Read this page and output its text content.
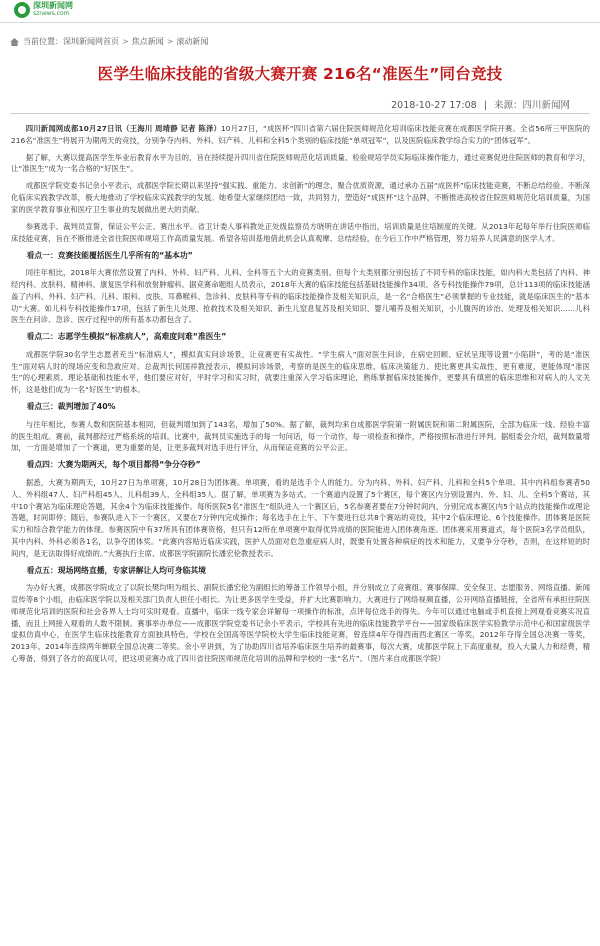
深圳新闻网
sznews.com
当前位置： 深圳新闻网首页 > 焦点新闻 > 滚动新闻
医学生临床技能的省级大赛开赛 216名“准医生”同台竞技
2018-10-27 17:08 | 来源：四川新闻网

四川新闻网成都10月27日讯（王海川 周靖静 记者 陈泽）10月27日，“成医杯”四川省第六届住院医师规范化培训临床技能竞赛在成都医学院开赛。全省56所三甲医院的216名“准医生”将展开为期两天的竞技，分别争夺内科、外科、妇产科、儿科和全科5个类别的临床技能“单项冠军”，以及医院临床教学综合实力的“团体冠军”。

据了解，大赛以提高医学生毕业后教育水平为目的，旨在持续提升四川省住院医师规范化培训质量、检验规培学员实际临床操作能力，通过竞赛促进住院医师的教育和学习，让“准医生”成为一名合格的“好医生”。

成都医学院党委书记余小平表示，成都医学院长期以来坚持“强实践、重能力、求创新”的理念，聚合优质资源，通过承办五届“成医杯”临床技能竞赛，不断总结经验、不断深化临床实践教学改革，极大地推动了学校临床实践教学的发展。她希望大家继续团结一致，共同努力，塑造好“成医杯”这个品牌，不断推进高校省住院医师规范化培训质量，为国家的医学教育事业和医疗卫生事业的发展做出更大的贡献。

参赛选手、裁判员宣誓，保证公平公正、赛出水平。省卫计委人事科教处正处级监察员方晓明在讲话中指出，培训质量是住培制度的关键。从2013年起每年举行住院医师临床技能竞赛，旨在不断推进全省住院医师规培工作高质量发展。希望各培训基地借此机会认真观摩、总结经验，在今后工作中严格管理，努力培养人民满意的医学人才。

看点一：竞赛技能覆括医生几乎所有的“基本功”

同往年相比，2018年大赛依然设置了内科、外科、妇产科、儿科、全科等五个大的竞赛类别。但每个大类别都分别包括了不同专科的临床技能，如内科大类包括了内科、神经内科、皮肤科、精神科、康复医学科和放射肿瘤科。据竞赛命题组人员表示，2018年大赛的临床技能包括基础技能操作34项、各专科技能操作79项，总计113项的临床技能涵盖了内科、外科、妇产科、儿科、眼科、皮肤、耳鼻喉科、急诊科、皮肤科等专科的临床技能操作及相关知识点，是一名“合格医生”必须掌握的专业技能，就是临床医生的“基本功”大赛。如儿科专科技能操作17项，包括了新生儿处理、抢救技术及相关知识、新生儿窒息复苏及相关知识、婴儿哺养及相关知识，小儿腹泻的诊治、处理及相关知识……儿科医生在问诊、急诊、医疗过程中的所有基本功都包含了。

看点二：志愿学生模拟“标准病人”，高难度问难“准医生”

成都医学院30名学生志愿者充当“标准病人”，模拟真实问诊场景，让竞赛更有实战性。“学生病人”面对医生问诊，在病史回顾、症状呈现等设置“小陷阱”，考的是“准医生”面对病人时的现场应变和急救应对。总裁判长何国祥教授表示，模拟问诊场景，考察的是医生的临床思维、临床决策能力、使比赛更具实战性，更有难度，更能体现“准医生”的心理素质、理论基础和技能水平，他们要应对好，平时学习和实习时，就要注重深入学习临床理论，熟练掌握临床技能操作，更要具有缜密的临床思维和对病人的人文关怀，这是他们成为一名“好医生”的根本。

看点三：裁判增加了40%

与往年相比，参赛人数和医院基本相同，但裁判增加到了143名，增加了50%。据了解，裁判均来自成都医学院第一附属医院和第二附属医院，全部为临床一线、经验丰富的医生组成。赛前，裁判都经过严格系统的培训。比赛中，裁判员实施选手的每一句问话，每一个动作，每一项检查和操作，严格按照标准进行评判。据组委会介绍，裁判数量增加，一方面是增加了一个赛道，更为重要的是，让更多裁判对选手进行评分，从而保证竞赛的公平公正。

看点四：大赛为期两天，每个项目都得“争分夺秒”

据悉，大赛为期两天，10月27日为单项赛，10月28日为团体赛。单项赛，看的是选手个人的能力。分为内科、外科、妇产科、儿科和全科5个单项。其中内科组参赛者50人、外科组47人、妇产科组45人、儿科组39人、全科组35人。据了解，单项赛为多站式。一个赛道内设置了5个赛区，每个赛区内分别设置内、外、妇、儿、全科5个赛站，其中10个赛站为临床理论答题，其余4个为临床技能操作。每所医院5名“准医生”组队进入一个赛区后，5名参赛者要在7分钟时间内，分别完成本赛区内5个站点的技能操作或理论答题，时间即停；随后，参赛队进入下一个赛区，又要在7分钟内完成操作；每名选手在上午、下午要进行总共8个赛站的竞技，其中2个临床理论、6个技能操作。团体赛是医院实力和综合教学能力的体现。参赛医院中有37所具有团体赛资格，但只有12所在单项赛中取得优异成绩的医院能进入团体赛角逐。团体赛采用赛道式，每个医院3名学员组队，其中内科、外科必须各1名，以争夺团体奖。“此赛内容贴近临床实践，医护人员面对危急重症病人时，既要有处置各种病症的技术和能力，又要争分夺秒，否则，在这样短的时间内，是无法取得好成绩的。”大赛执行主席、成都医学院副院长潘宏伦教授表示。

看点五：现场网络直播，专家讲解让人均可身临其境

为办好大赛，成都医学院成立了以院长樊均明为组长、副院长潘宏伦为副组长的筹备工作领导小组，并分别成立了竞赛组、赛事保障、安全保卫、志愿服务、网络直播、新闻宣传等8个小组，由临床医学院以及相关部门负责人担任小组长。为让更多医学生受益，并扩大比赛影响力，大赛进行了网络视频直播，公开网络直播链接，全省所有承担住院医师规范化培训的医院和社会各界人士均可实时观看。直播中，临床一线专家会详解每一项操作的标准，点评每位选手的得失。今年可以通过电脑或手机直接上网观看竞赛实况直播，而且上网接入观看的人数不限制。赛事举办单位——成都医学院党委书记余小平表示，学校具有先进的临床技能教学平台——国家级临床医学实验教学示范中心和国家级医学虚拟仿真中心，在医学生临床技能教育方面独具特色，学校在全国高等医学院校大学生临床技能竞赛，曾连续4年夺得西南西北赛区一等奖，2012年夺得全国总决赛一等奖，2013年、2014年连续两年蝉联全国总决赛二等奖。余小平讲到，为了协助四川省培养临床医生培养的最赛事，每次大赛，成都医学院上下高度重视，投入大量人力和经费，精心筹备，得到了各方的高度认可，把这项竞赛办成了四川省住院医师规范化培训的品牌和学校的一张“名片”。（图片来自成都医学院）
